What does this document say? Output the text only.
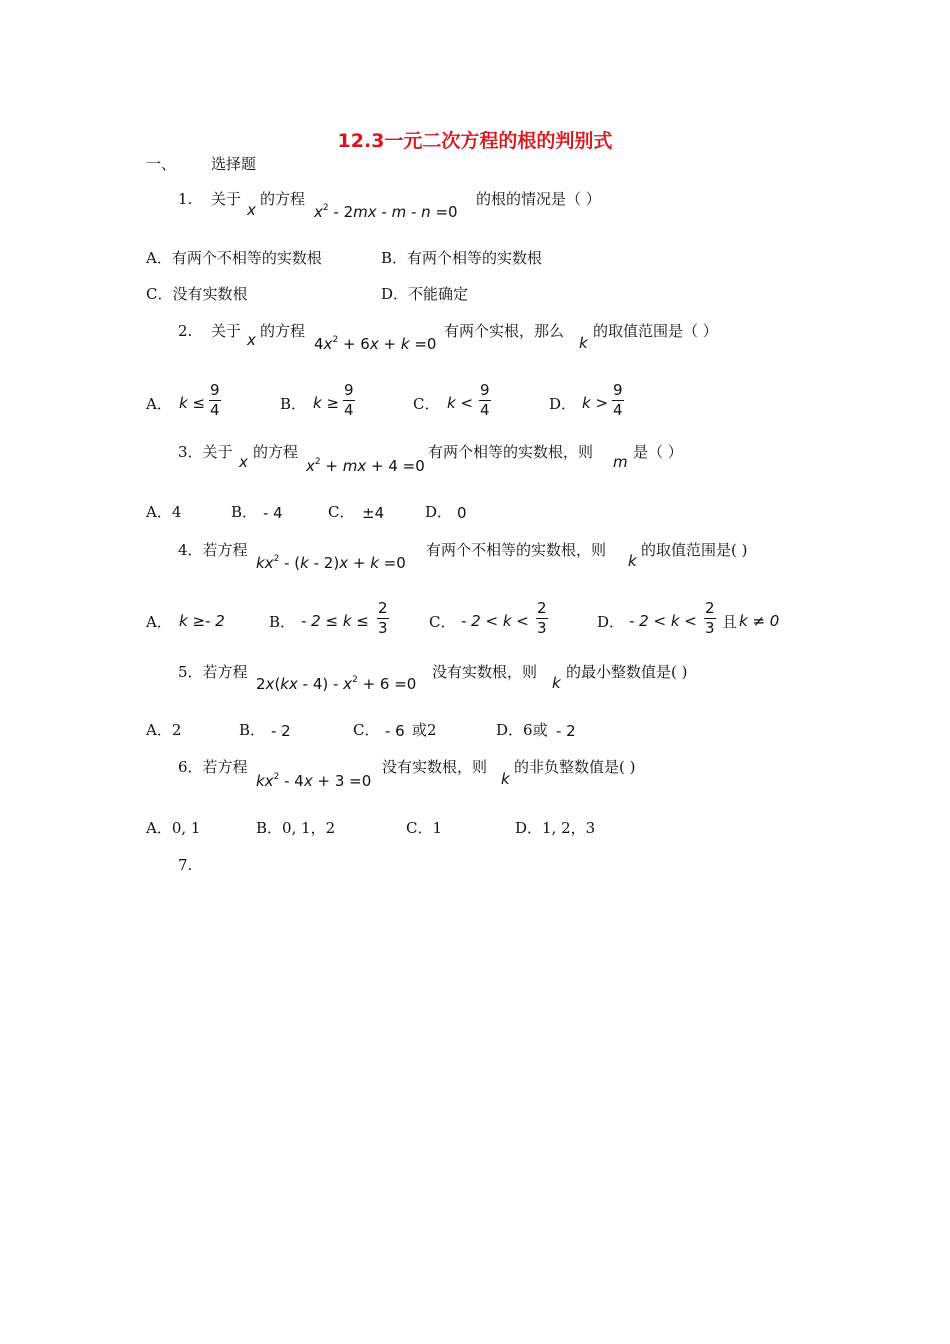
12.3一元二次方程的根的判别式
一、 选择题
1. 关于
x
的方程
$x^2 - 2mx - m - n =0$
的根的情况是（ ）
A．有两个不相等的实数根	B．有两个相等的实数根
C．没有实数根	D．不能确定
2. 关于 x 的方程
$4x^2 + 6x + k =0$
有两个实根，那么
k
的取值范围是（ ）
A． $k \le \frac{9}{4}$	B． $k \ge \frac{9}{4}$	C． $k < \frac{9}{4}$	D． $k > \frac{9}{4}$
3．关于
x
的方程
$x^2$ + mx + 4 =0
有两个相等的实数根，则
m
是（ ）
A．4	B． - 4	C． ±4	D． 0
4．若方程
$kx^2 - (k - 2)x + k =0$
有两个不相等的实数根，则
k
的取值范围是( )
A． k ≥- 2	B． - $2 \le k \le \frac{2}{3}$	C． - $2 < k < \frac{2}{3}$	D． - $2 < k < \frac{2}{3}$ 且 k ≠ 0
5．若方程
$2x(kx - 4) - x^2 + 6 =0$
没有实数根，则
k
的最小整数值是( )
A．2	B． - 2	C． - 6 或2	D．6或 - 2
6．若方程
$kx^2 - 4x + 3 =0$
没有实数根，则
k
的非负整数值是( )
A．0, 1	B．0, 1，2	C．1	D．1, 2，3
7.
